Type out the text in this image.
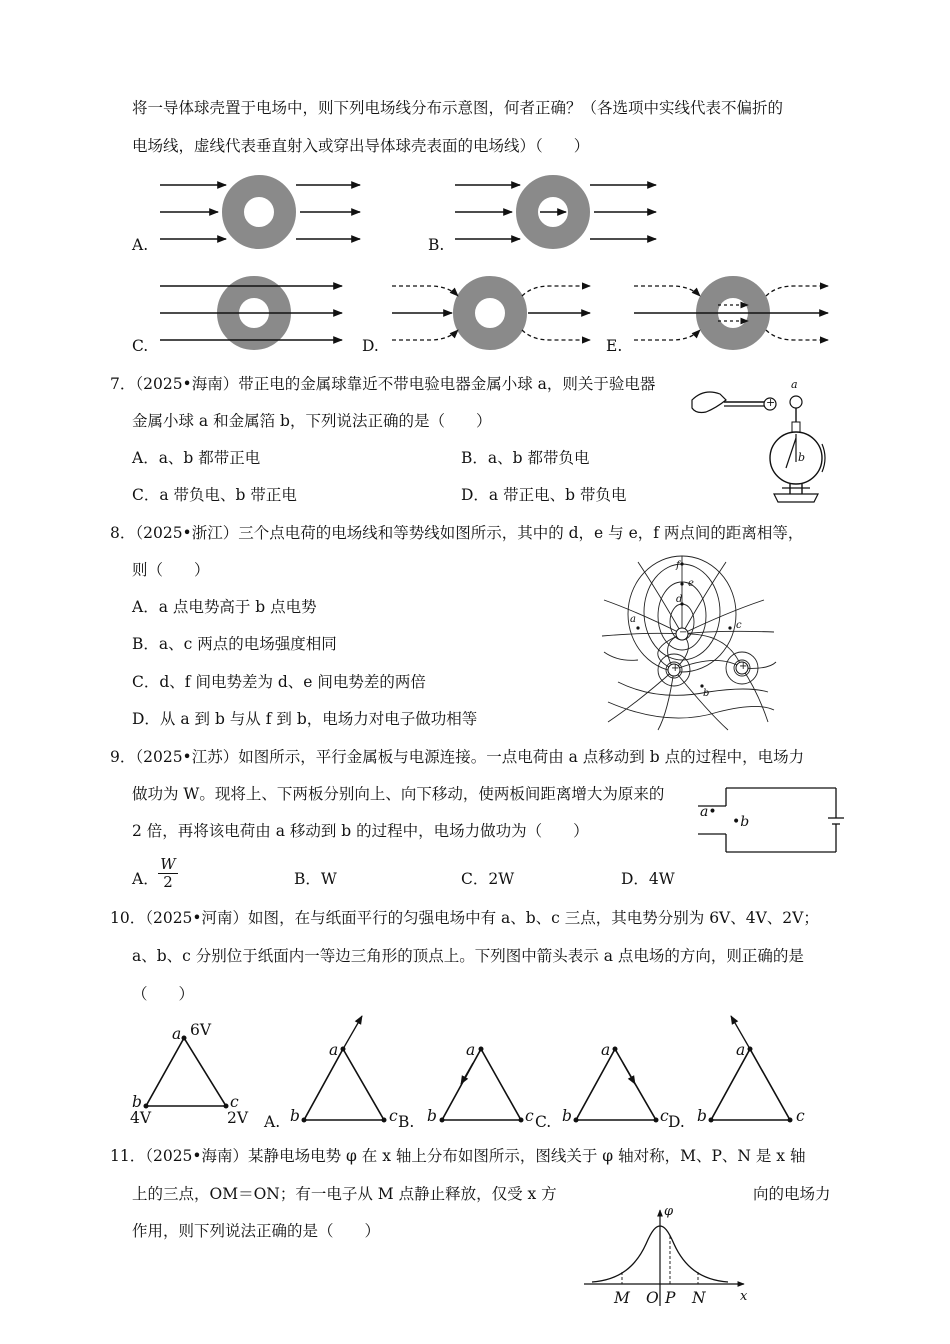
将一导体球壳置于电场中，则下列电场线分布示意图，何者正确？（各选项中实线代表不偏折的
电场线，虚线代表垂直射入或穿出导体球壳表面的电场线）（　　）
A.	B.
C.	D.	E.
7．（2025•海南）带正电的金属球靠近不带电验电器金属小球 a，则关于验电器
金属小球 a 和金属箔 b，下列说法正确的是（　　）
A．a、b 都带正电	B．a、b 都带负电
C．a 带负电、b 带正电	D．a 带正电、b 带负电
a
b
+
8．（2025•浙江）三个点电荷的电场线和等势线如图所示，其中的 d，e 与 e，f 两点间的距离相等，
则（　　）
A．a 点电势高于 b 点电势
B．a、c 两点的电场强度相同
C．d、f 间电势差为 d、e 间电势差的两倍
D．从 a 到 b 与从 f 到 b，电场力对电子做功相等
f
e
d
a
c
b
+
−
+
9．（2025•江苏）如图所示，平行金属板与电源连接。一点电荷由 a 点移动到 b 点的过程中，电场力
做功为 W。现将上、下两板分别向上、向下移动，使两板间距离增大为原来的
2 倍，再将该电荷由 a 移动到 b 的过程中，电场力做功为（　　）
A． $\frac{W}{2}$	B．W	C．2W	D．4W
a•
•b
10．（2025•河南）如图，在与纸面平行的匀强电场中有 a、b、c 三点，其电势分别为 6V、4V、2V；
a、b、c 分别位于纸面内一等边三角形的顶点上。下列图中箭头表示 a 点电场的方向，则正确的是
（　　）
a 6V
b
4V
c
2V A.	B.	C.	D.
a
b	c
a
b	c
a
b	c
a
b	c
11．（2025•海南）某静电场电势 φ 在 x 轴上分布如图所示，图线关于 φ 轴对称，M、P、N 是 x 轴
上的三点，OM＝ON；有一电子从 M 点静止释放，仅受 x 方	向的电场力
作用，则下列说法正确的是（　　）
φ
x
M O P N
